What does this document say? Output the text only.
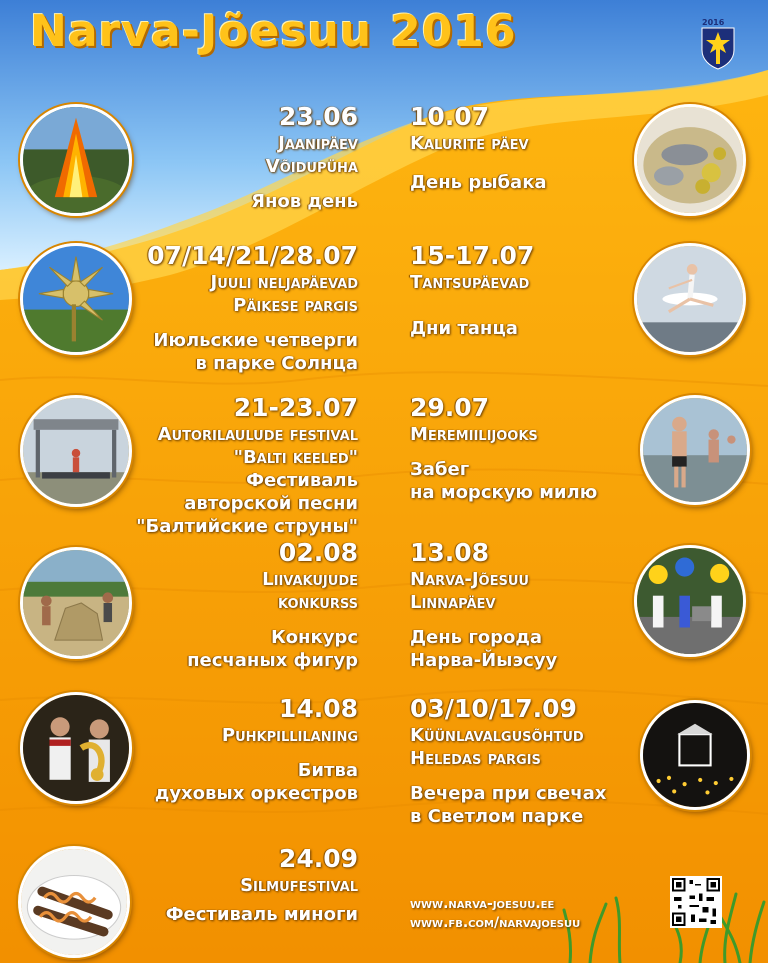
Narva-Jõesuu 2016	2016
23.06
Jaanipäev
Võidupüha
Янов день
10.07
Kalurite päev
День рыбака
07/14/21/28.07
Juuli neljapäevad
Päikese pargis
Июльские четверги
в парке Солнца
15-17.07
Tantsupäevad
Дни танца
21-23.07
Autorilaulude festival
"Balti keeled"
Фестиваль
авторской песни
"Балтийские струны"
29.07
Meremiilijooks
Забег
на морскую милю
02.08
Liivakujude
konkurss
Конкурс
песчаных фигур
13.08
Narva-Jõesuu
Linnapäev
День города
Нарва-Йыэсуу
14.08
Puhkpillilaning
Битва
духовых оркестров
03/10/17.09
Küünlavalgusõhtud
Heledas pargis
Вечера при свечах
в Светлом парке
24.09
Silmufestival
Фестиваль миноги	www.narva-joesuu.ee
www.fb.com/narvajoesuu
